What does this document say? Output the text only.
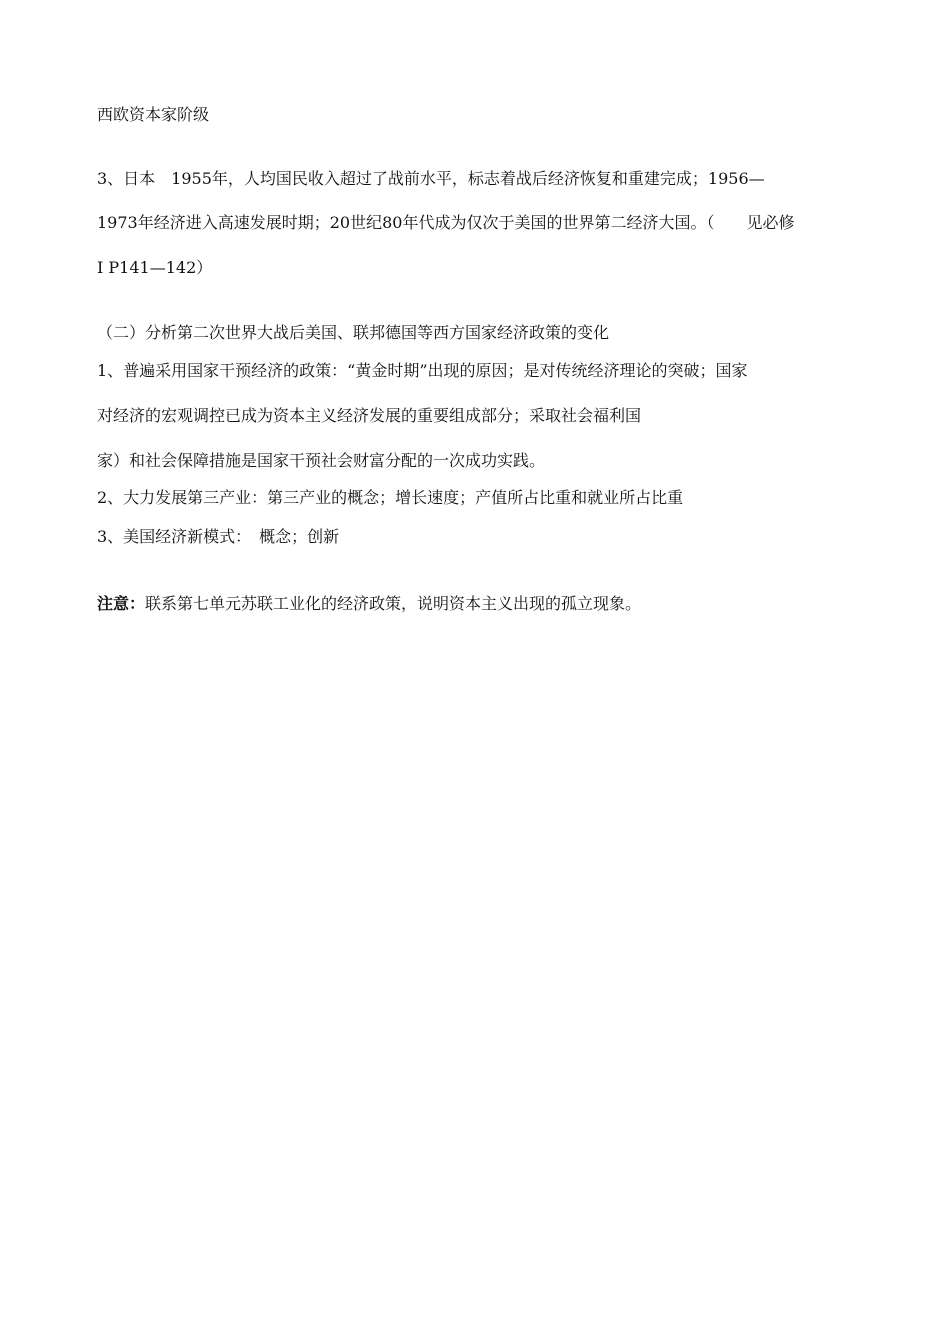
西欧资本家阶级
3、日本　1955年，人均国民收入超过了战前水平，标志着战后经济恢复和重建完成；1956—
1973年经济进入高速发展时期；20世纪80年代成为仅次于美国的世界第二经济大国。（　　见必修
Ⅰ P141—142）
（二）分析第二次世界大战后美国、联邦德国等西方国家经济政策的变化
1、普遍采用国家干预经济的政策：“黄金时期”出现的原因；是对传统经济理论的突破；国家
对经济的宏观调控已成为资本主义经济发展的重要组成部分；采取社会福利国
家）和社会保障措施是国家干预社会财富分配的一次成功实践。
2、大力发展第三产业：第三产业的概念；增长速度；产值所占比重和就业所占比重
3、美国经济新模式：　概念；创新
注意：联系第七单元苏联工业化的经济政策，说明资本主义出现的孤立现象。
